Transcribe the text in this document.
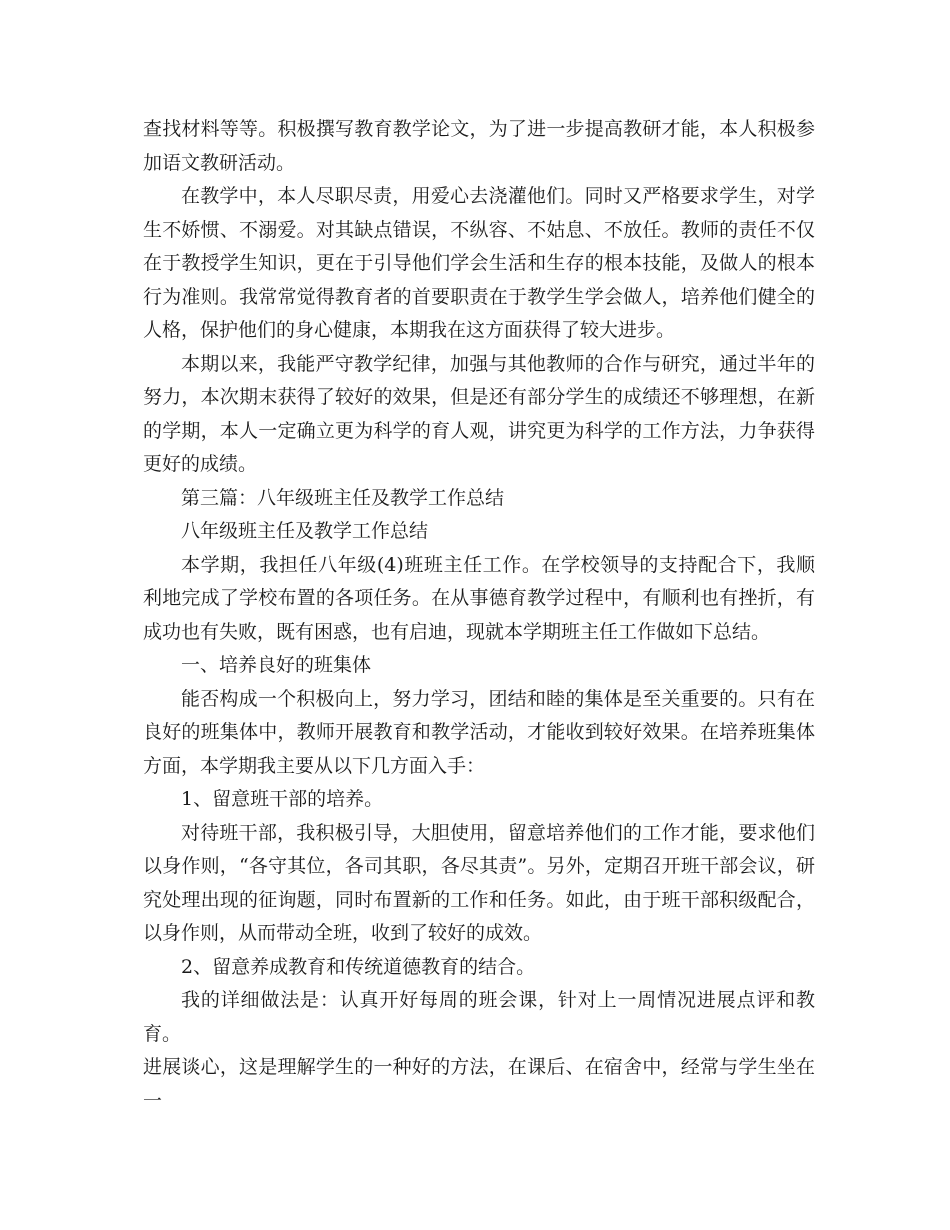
查找材料等等。积极撰写教育教学论文，为了进一步提高教研才能，本人积极参加语文教研活动。

在教学中，本人尽职尽责，用爱心去浇灌他们。同时又严格要求学生，对学生不娇惯、不溺爱。对其缺点错误，不纵容、不姑息、不放任。教师的责任不仅在于教授学生知识，更在于引导他们学会生活和生存的根本技能，及做人的根本行为准则。我常常觉得教育者的首要职责在于教学生学会做人，培养他们健全的人格，保护他们的身心健康，本期我在这方面获得了较大进步。

本期以来，我能严守教学纪律，加强与其他教师的合作与研究，通过半年的努力，本次期末获得了较好的效果，但是还有部分学生的成绩还不够理想，在新的学期，本人一定确立更为科学的育人观，讲究更为科学的工作方法，力争获得更好的成绩。

第三篇：八年级班主任及教学工作总结

八年级班主任及教学工作总结

本学期，我担任八年级(4)班班主任工作。在学校领导的支持配合下，我顺利地完成了学校布置的各项任务。在从事德育教学过程中，有顺利也有挫折，有成功也有失败，既有困惑，也有启迪，现就本学期班主任工作做如下总结。

一、培养良好的班集体

能否构成一个积极向上，努力学习，团结和睦的集体是至关重要的。只有在良好的班集体中，教师开展教育和教学活动，才能收到较好效果。在培养班集体方面，本学期我主要从以下几方面入手：

1、留意班干部的培养。

对待班干部，我积极引导，大胆使用，留意培养他们的工作才能，要求他们以身作则，“各守其位，各司其职，各尽其责”。另外，定期召开班干部会议，研究处理出现的征询题，同时布置新的工作和任务。如此，由于班干部积级配合，以身作则，从而带动全班，收到了较好的成效。

2、留意养成教育和传统道德教育的结合。

我的详细做法是：认真开好每周的班会课，针对上一周情况进展点评和教育。

进展谈心，这是理解学生的一种好的方法，在课后、在宿舍中，经常与学生坐在一
